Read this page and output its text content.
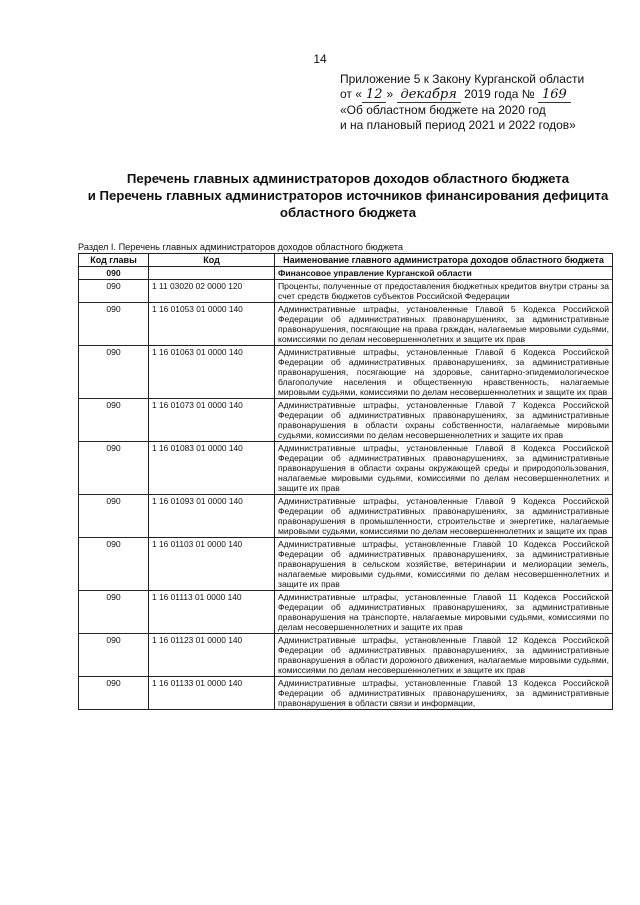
14
Приложение 5 к Закону Курганской области
от « 12 » декабря 2019 года № 169
«Об областном бюджете на 2020 год
и на плановый период 2021 и 2022 годов»
Перечень главных администраторов доходов областного бюджета
и Перечень главных администраторов источников финансирования дефицита
областного бюджета
Раздел I. Перечень главных администраторов доходов областного бюджета
Код главы	Код	Наименование главного администратора доходов областного бюджета
090		Финансовое управление Курганской области
090	1 11 03020 02 0000 120	Проценты, полученные от предоставления бюджетных кредитов внутри страны за счет средств бюджетов субъектов Российской Федерации
090	1 16 01053 01 0000 140	Административные штрафы, установленные Главой 5 Кодекса Российской Федерации об административных правонарушениях, за административные правонарушения, посягающие на права граждан, налагаемые мировыми судьями, комиссиями по делам несовершеннолетних и защите их прав
090	1 16 01063 01 0000 140	Административные штрафы, установленные Главой 6 Кодекса Российской Федерации об административных правонарушениях, за административные правонарушения, посягающие на здоровье, санитарно-эпидемиологическое благополучие населения и общественную нравственность, налагаемые мировыми судьями, комиссиями по делам несовершеннолетних и защите их прав
090	1 16 01073 01 0000 140	Административные штрафы, установленные Главой 7 Кодекса Российской Федерации об административных правонарушениях, за административные правонарушения в области охраны собственности, налагаемые мировыми судьями, комиссиями по делам несовершеннолетних и защите их прав
090	1 16 01083 01 0000 140	Административные штрафы, установленные Главой 8 Кодекса Российской Федерации об административных правонарушениях, за административные правонарушения в области охраны окружающей среды и природопользования, налагаемые мировыми судьями, комиссиями по делам несовершеннолетних и защите их прав
090	1 16 01093 01 0000 140	Административные штрафы, установленные Главой 9 Кодекса Российской Федерации об административных правонарушениях, за административные правонарушения в промышленности, строительстве и энергетике, налагаемые мировыми судьями, комиссиями по делам несовершеннолетних и защите их прав
090	1 16 01103 01 0000 140	Административные штрафы, установленные Главой 10 Кодекса Российской Федерации об административных правонарушениях, за административные правонарушения в сельском хозяйстве, ветеринарии и мелиорации земель, налагаемые мировыми судьями, комиссиями по делам несовершеннолетних и защите их прав
090	1 16 01113 01 0000 140	Административные штрафы, установленные Главой 11 Кодекса Российской Федерации об административных правонарушениях, за административные правонарушения на транспорте, налагаемые мировыми судьями, комиссиями по делам несовершеннолетних и защите их прав
090	1 16 01123 01 0000 140	Административные штрафы, установленные Главой 12 Кодекса Российской Федерации об административных правонарушениях, за административные правонарушения в области дорожного движения, налагаемые мировыми судьями, комиссиями по делам несовершеннолетних и защите их прав
090	1 16 01133 01 0000 140	Административные штрафы, установленные Главой 13 Кодекса Российской Федерации об административных правонарушениях, за административные правонарушения в области связи и информации,
